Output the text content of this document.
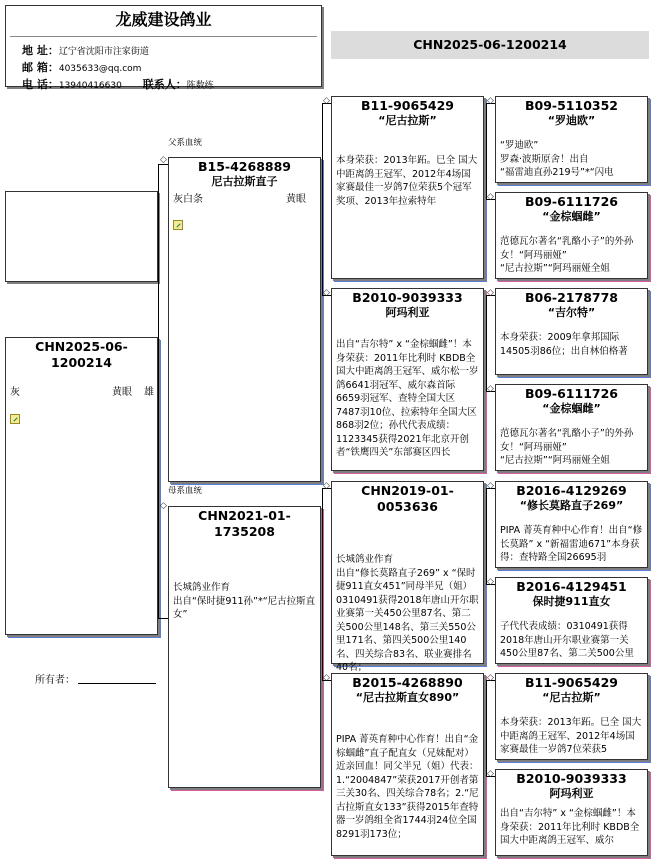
龙威建设鸽业
地 址：辽宁省沈阳市注家街道
邮 箱：4035633@qq.com
电 话：13940416630 联系人：陈数练
CHN2025-06-1200214
CHN2025-06-1200214
灰	黄眼 雄
所有者：
父系血统
母系血统
B15-4268889
尼古拉斯直子
灰白条	黄眼
CHN2021-01-1735208
长城鸽业作育
出自“保时捷911孙”*“尼古拉斯直女”
B11-9065429
“尼古拉斯”
本身荣获：2013年跖。巳全 国大中距离鸽王冠军、2012年4场国家赛最佳一岁鸽7位荣获5个冠军奖项、2013年拉索特年
B2010-9039333
阿玛利亚
出自“吉尔特” x “金棕蝈雌”！本身荣获：2011年比利时 KBDB全国大中距离鸽王冠军、威尔松一岁鸽6641羽冠军、威尔森首际6659羽冠军、查特全国大区7487羽10位、拉索特年全国大区868羽2位；孙代代表成绩：1123345获得2021年北京开创者“铁鹰四关”东部赛区四长
CHN2019-01-0053636
长城鸽业作育
出自“修长莫路直子269” x “保时捷911直女451”同母半兄（姐）0310491获得2018年唐山开尔职业赛第一关450公里87名、第二关500公里148名、第三关550公里171名、第四关500公里140名、四关综合83名、联业赛排名40名；
B2015-4268890
“尼古拉斯直女890”
PIPA 菁英育种中心作育！出自“金棕蝈雌”直子配直女（兄妹配对）近亲回血！同父半兄（姐）代表：1.“2004847”荣获2017开创者第三关30名、四关综合78名；2.“尼古拉斯直女133”获得2015年查特器一岁鸽组全省1744羽24位全国8291羽173位；
B09-5110352
“罗迪欧”
“罗迪欧”
罗森·波斯原舍！出自
“福雷迪直孙219号”*“闪电
B09-6111726
“金棕蝈雌”
范德瓦尔著名“乳酪小子”的外孙女！“阿玛丽娅”
“尼古拉斯”“阿玛丽娅全姐
B06-2178778
“吉尔特”
本身荣获：2009年拿邦国际14505羽86位；出自林伯格著
B09-6111726
“金棕蝈雌”
范德瓦尔著名“乳酪小子”的外孙女！“阿玛丽娅”
“尼古拉斯”“阿玛丽娅全姐
B2016-4129269
“修长莫路直子269”
PIPA 菁英育种中心作育！出自“修长莫路” x “新福雷迪671”本身获得：查特路全国26695羽
B2016-4129451
保时捷911直女
子代代表成绩：0310491获得2018年唐山开尔职业赛第一关450公里87名、第二关500公里
B11-9065429
“尼古拉斯”
本身荣获：2013年跖。巳全 国大中距离鸽王冠军、2012年4场国家赛最佳一岁鸽7位荣获5
B2010-9039333
阿玛利亚
出自“吉尔特” x “金棕蝈雌”！本身荣获：2011年比利时 KBDB全国大中距离鸽王冠军、威尔
◇
◇
◇
◇
◇
◇
◇
◇
◇
◇
◇
◇
◇
◇
